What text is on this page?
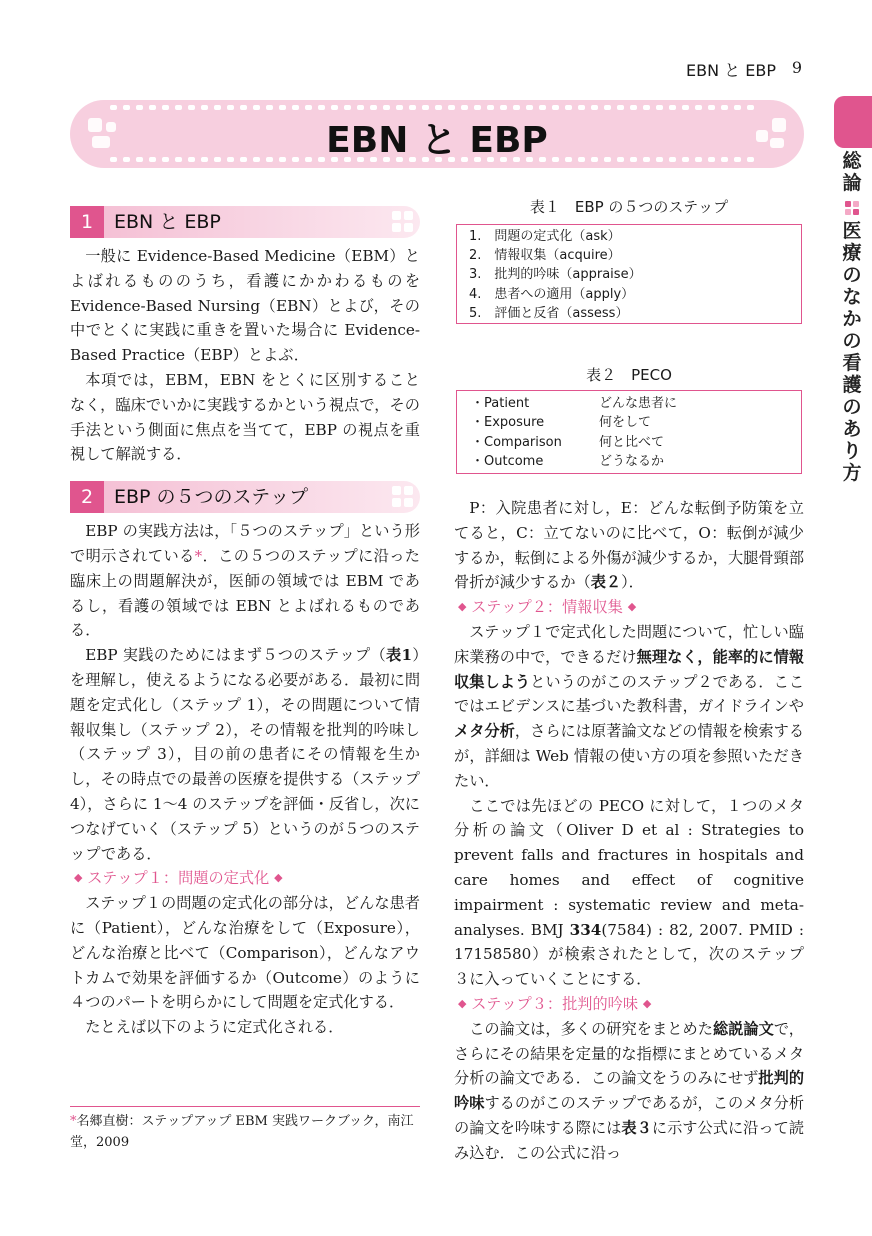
EBN と EBP 9
EBN と EBP	総
論
医
療
の
な
か
の
看
護
の
あ
り
方
1	EBN と EBP

一般に Evidence-Based Medicine（EBM）とよばれるもののうち，看護にかかわるものを Evidence-Based Nursing（EBN）とよび，その中でとくに実践に重きを置いた場合に Evidence-Based Practice（EBP）とよぶ．

本項では，EBM，EBN をとくに区別することなく，臨床でいかに実践するかという視点で，その手法という側面に焦点を当てて，EBP の視点を重視して解説する．

2	EBP の５つのステップ

EBP の実践方法は，「５つのステップ」という形で明示されている*．この５つのステップに沿った臨床上の問題解決が，医師の領域では EBM であるし，看護の領域では EBN とよばれるものである．

EBP 実践のためにはまず５つのステップ（表1）を理解し，使えるようになる必要がある．最初に問題を定式化し（ステップ 1），その問題について情報収集し（ステップ 2），その情報を批判的吟味し（ステップ 3），目の前の患者にその情報を生かし，その時点での最善の医療を提供する（ステップ 4），さらに 1〜4 のステップを評価・反省し，次につなげていく（ステップ 5）というのが５つのステップである．

◆ ステップ１：問題の定式化 ◆

ステップ１の問題の定式化の部分は，どんな患者に（Patient），どんな治療をして（Exposure），どんな治療と比べて（Comparison），どんなアウトカムで効果を評価するか（Outcome）のように４つのパートを明らかにして問題を定式化する．

たとえば以下のように定式化される．

*名郷直樹：ステップアップ EBM 実践ワークブック，南江堂，2009
表１　EBP の５つのステップ
1.　問題の定式化（ask）
2.　情報収集（acquire）
3.　批判的吟味（appraise）
4.　患者への適用（apply）
5.　評価と反省（assess）
表２　PECO
・Patient	どんな患者に
・Exposure	何をして
・Comparison	何と比べて
・Outcome	どうなるか

P：入院患者に対し，E：どんな転倒予防策を立てると，C：立てないのに比べて，O：転倒が減少するか，転倒による外傷が減少するか，大腿骨頸部骨折が減少するか（表２）．

◆ ステップ２：情報収集 ◆

ステップ１で定式化した問題について，忙しい臨床業務の中で，できるだけ無理なく，能率的に情報収集しようというのがこのステップ２である．ここではエビデンスに基づいた教科書，ガイドラインやメタ分析，さらには原著論文などの情報を検索するが，詳細は Web 情報の使い方の項を参照いただきたい．

ここでは先ほどの PECO に対して，１つのメタ分析の論文（Oliver D et al : Strategies to prevent falls and fractures in hospitals and care homes and effect of cognitive impairment : systematic review and meta-analyses. BMJ 334(7584) : 82, 2007. PMID : 17158580）が検索されたとして，次のステップ３に入っていくことにする．

◆ ステップ３：批判的吟味 ◆

この論文は，多くの研究をまとめた総説論文で，さらにその結果を定量的な指標にまとめているメタ分析の論文である．この論文をうのみにせず批判的吟味するのがこのステップであるが，このメタ分析の論文を吟味する際には表３に示す公式に沿って読み込む．この公式に沿っ
